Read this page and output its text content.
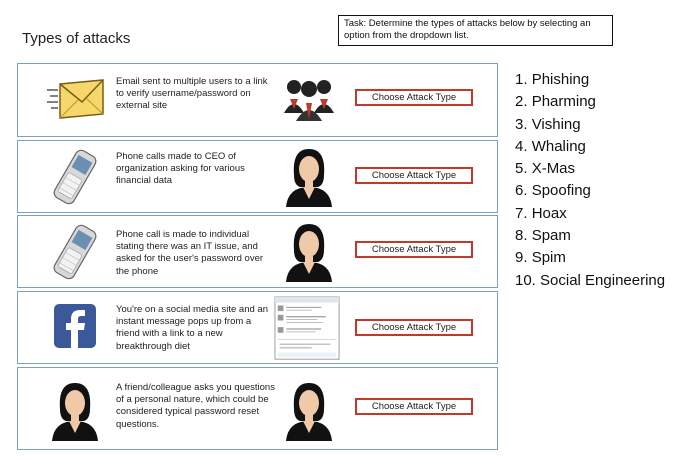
Types of attacks
Task: Determine the types of attacks below by selecting an option from the dropdown list.
Email sent to multiple users to a link to verify username/password on external site
Choose Attack Type
Phone calls made to CEO of organization asking for various financial data	Choose Attack Type
Phone call is made to individual stating there was an IT issue, and asked for the user's password over the phone
Choose Attack Type
You're on a social media site and an instant message pops up from a friend with a link to a new breakthrough diet
Choose Attack Type
A friend/colleague asks you questions of a personal nature, which could be considered typical password reset questions.
Choose Attack Type
1. Phishing
2. Pharming
3. Vishing
4. Whaling
5. X-Mas
6. Spoofing
7. Hoax
8. Spam
9. Spim
10. Social Engineering
